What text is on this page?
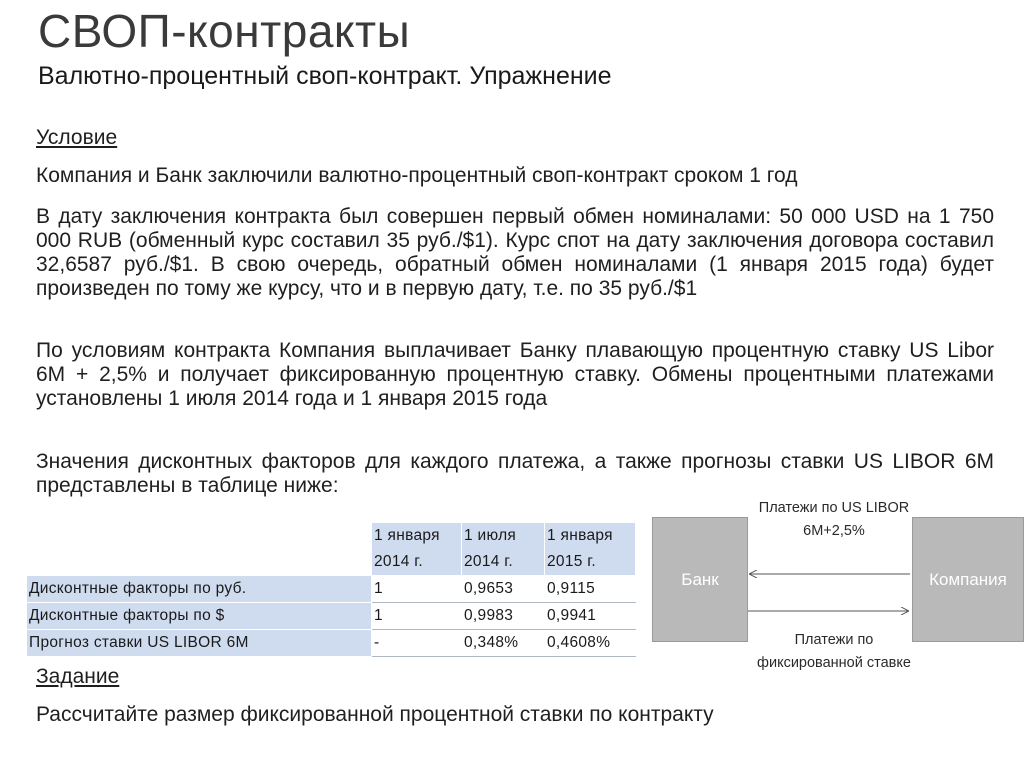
СВОП-контракты
Валютно-процентный своп-контракт. Упражнение

Условие

Компания и Банк заключили валютно-процентный своп-контракт сроком 1 год

В дату заключения контракта был совершен первый обмен номиналами: 50 000 USD на 1 750 000 RUB (обменный курс составил 35 руб./$1). Курс спот на дату заключения договора составил 32,6587 руб./$1. В свою очередь, обратный обмен номиналами (1 января 2015 года) будет произведен по тому же курсу, что и в первую дату, т.е. по 35 руб./$1

По условиям контракта Компания выплачивает Банку плавающую процентную ставку US Libor 6M + 2,5% и получает фиксированную процентную ставку. Обмены процентными платежами установлены 1 июля 2014 года и 1 января 2015 года

Значения дисконтных факторов для каждого платежа, а также прогнозы ставки US LIBOR 6M представлены в таблице ниже:

	1 января 2014 г.	1 июля 2014 г.	1 января 2015 г.
Дисконтные факторы по руб.	1	0,9653	0,9115
Дисконтные факторы по $	1	0,9983	0,9941
Прогноз ставки US LIBOR 6M	-	0,348%	0,4608%
Банк	Компания
Платежи по US LIBOR 6M+2,5%
Платежи по фиксированной ставке

Задание

Рассчитайте размер фиксированной процентной ставки по контракту
